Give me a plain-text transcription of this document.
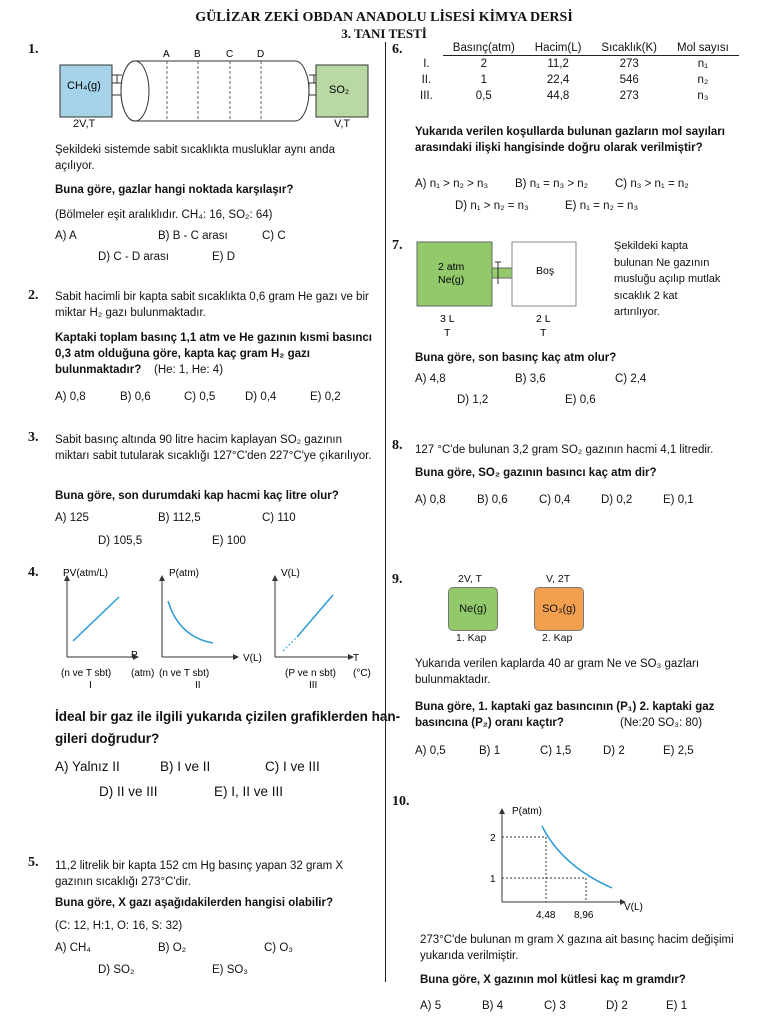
GÜLİZAR ZEKİ OBDAN ANADOLU LİSESİ KİMYA DERSİ
3. TANI TESTİ
1.
CH₄(g)
A B	C D
SO₂
2V,T	V,T
Şekildeki sistemde sabit sıcaklıkta musluklar aynı anda açılıyor.
Buna göre, gazlar hangi noktada karşılaşır?
(Bölmeler eşit aralıklıdır. CH₄: 16, SO₂: 64)
A) A	B) B - C arası	C) C
D) C - D arası	E) D
2. Sabit hacimli bir kapta sabit sıcaklıkta 0,6 gram He gazı ve bir miktar H₂ gazı bulunmaktadır.
Kaptaki toplam basınç 1,1 atm ve He gazının kısmi basıncı 0,3 atm olduğuna göre, kapta kaç gram H₂ gazı bulunmaktadır?	(He: 1, He: 4)
A) 0,8	B) 0,6	C) 0,5	D) 0,4	E) 0,2
3. Sabit basınç altında 90 litre hacim kaplayan SO₂ gazının miktarı sabit tutularak sıcaklığı 127°C'den 227°C'ye çıkarılıyor.
Buna göre, son durumdaki kap hacmi kaç litre olur?
A) 125	B) 112,5	C) 110
D) 105,5	E) 100
4. PV(atm/L)
P
(n ve T sbt) (atm)
I
P(atm)
V(L)
(n ve T sbt)
II
V(L)
T
(P ve n sbt) (°C)
III
İdeal bir gaz ile ilgili yukarıda çizilen grafiklerden han-
gileri doğrudur?
A) Yalnız II	B) I ve II	C) I ve III
D) II ve III	E) I, II ve III
5. 11,2 litrelik bir kapta 152 cm Hg basınç yapan 32 gram X gazının sıcaklığı 273°C'dir.
Buna göre, X gazı aşağıdakilerden hangisi olabilir?
(C: 12, H:1, O: 16, S: 32)
A) CH₄	B) O₂	C) O₃
D) SO₂	E) SO₃
6.
		Basınç(atm)	Hacim(L)	Sıcaklık(K)	Mol sayısı
I.	2	11,2	273	n₁
II.	1	22,4	546	n₂
III.	0,5	44,8	273	n₃
Yukarıda verilen koşullarda bulunan gazların mol sayıları arasındaki ilişki hangisinde doğru olarak verilmiştir?
A) n₁ > n₂ > n₃ B) n₁ = n₃ > n₂ C) n₃ > n₁ = n₂
D) n₁ > n₂ = n₃	E) n₁ = n₂ = n₃
7.
2 atm
Ne(g)
Boş
3 L
T
2 L
T
Şekildeki kapta bulunan Ne gazının musluğu açılıp mutlak sıcaklık 2 kat artırılıyor.
Buna göre, son basınç kaç atm olur?
A) 4,8	B) 3,6	C) 2,4
D) 1,2	E) 0,6
8. 127 °C'de bulunan 3,2 gram SO₂ gazının hacmi 4,1 litredir.
Buna göre, SO₂ gazının basıncı kaç atm dir?
A) 0,8	B) 0,6	C) 0,4	D) 0,2	E) 0,1
9.	2V, T
Ne(g)
1. Kap
V, 2T
SO₃(g)
2. Kap
Yukarıda verilen kaplarda 40 ar gram Ne ve SO₃ gazları bulunmaktadır.
Buna göre, 1. kaptaki gaz basıncının (P₁) 2. kaptaki gaz basıncına (P₂) oranı kaçtır?	(Ne:20 SO₃: 80)
A) 0,5	B) 1	C) 1,5	D) 2	E) 2,5
10.
P(atm)
V(L)
2
1
4,48 8,96
273°C'de bulunan m gram X gazına ait basınç hacim değişimi yukarıda verilmiştir.
Buna göre, X gazının mol kütlesi kaç m gramdır?
A) 5	B) 4	C) 3	D) 2	E) 1
